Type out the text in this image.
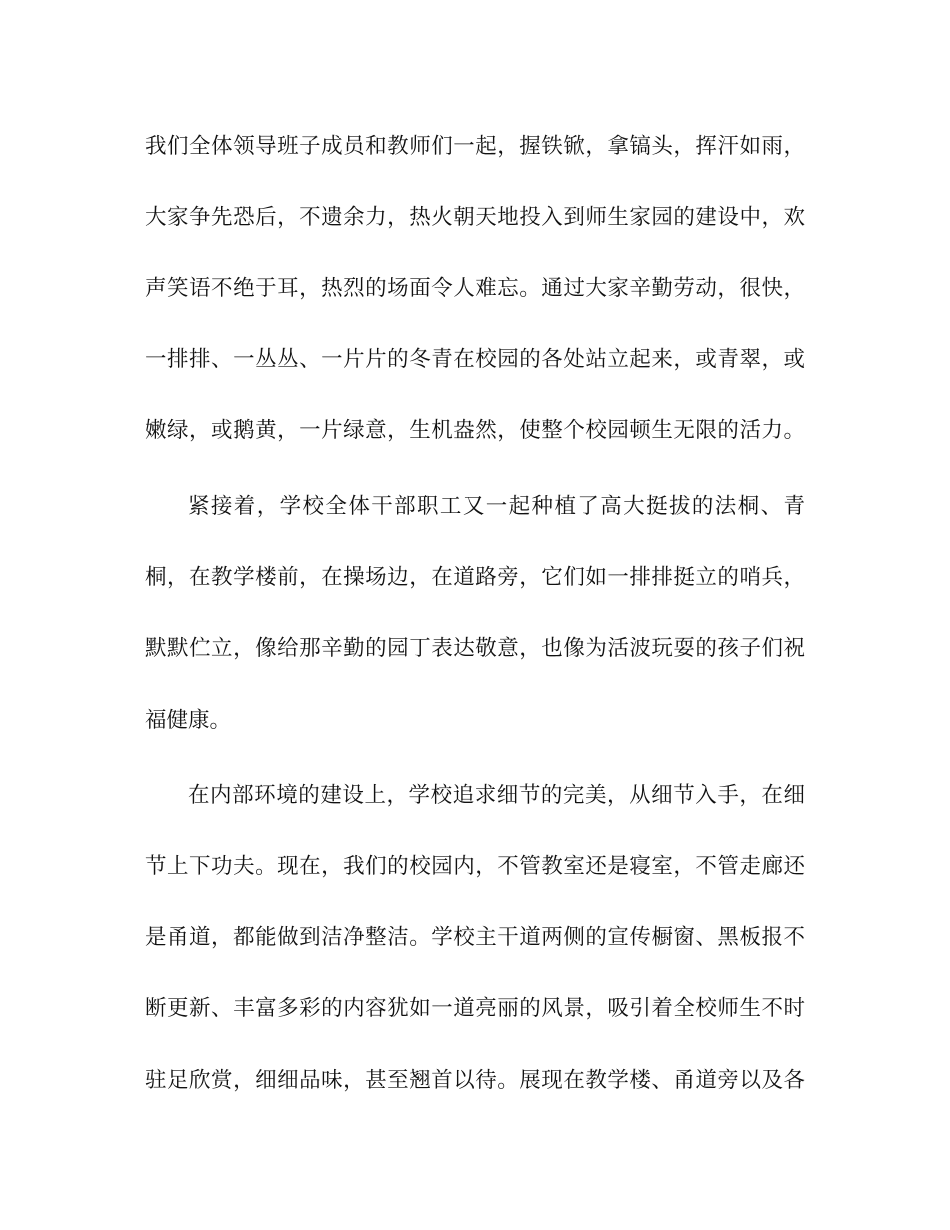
我们全体领导班子成员和教师们一起，握铁锨，拿镐头，挥汗如雨，
大家争先恐后，不遗余力，热火朝天地投入到师生家园的建设中，欢
声笑语不绝于耳，热烈的场面令人难忘。通过大家辛勤劳动，很快，
一排排、一丛丛、一片片的冬青在校园的各处站立起来，或青翠，或
嫩绿，或鹅黄，一片绿意，生机盎然，使整个校园顿生无限的活力。
紧接着，学校全体干部职工又一起种植了高大挺拔的法桐、青
桐，在教学楼前，在操场边，在道路旁，它们如一排排挺立的哨兵，
默默伫立，像给那辛勤的园丁表达敬意，也像为活波玩耍的孩子们祝
福健康。
在内部环境的建设上，学校追求细节的完美，从细节入手，在细
节上下功夫。现在，我们的校园内，不管教室还是寝室，不管走廊还
是甬道，都能做到洁净整洁。学校主干道两侧的宣传橱窗、黑板报不
断更新、丰富多彩的内容犹如一道亮丽的风景，吸引着全校师生不时
驻足欣赏，细细品味，甚至翘首以待。展现在教学楼、甬道旁以及各
